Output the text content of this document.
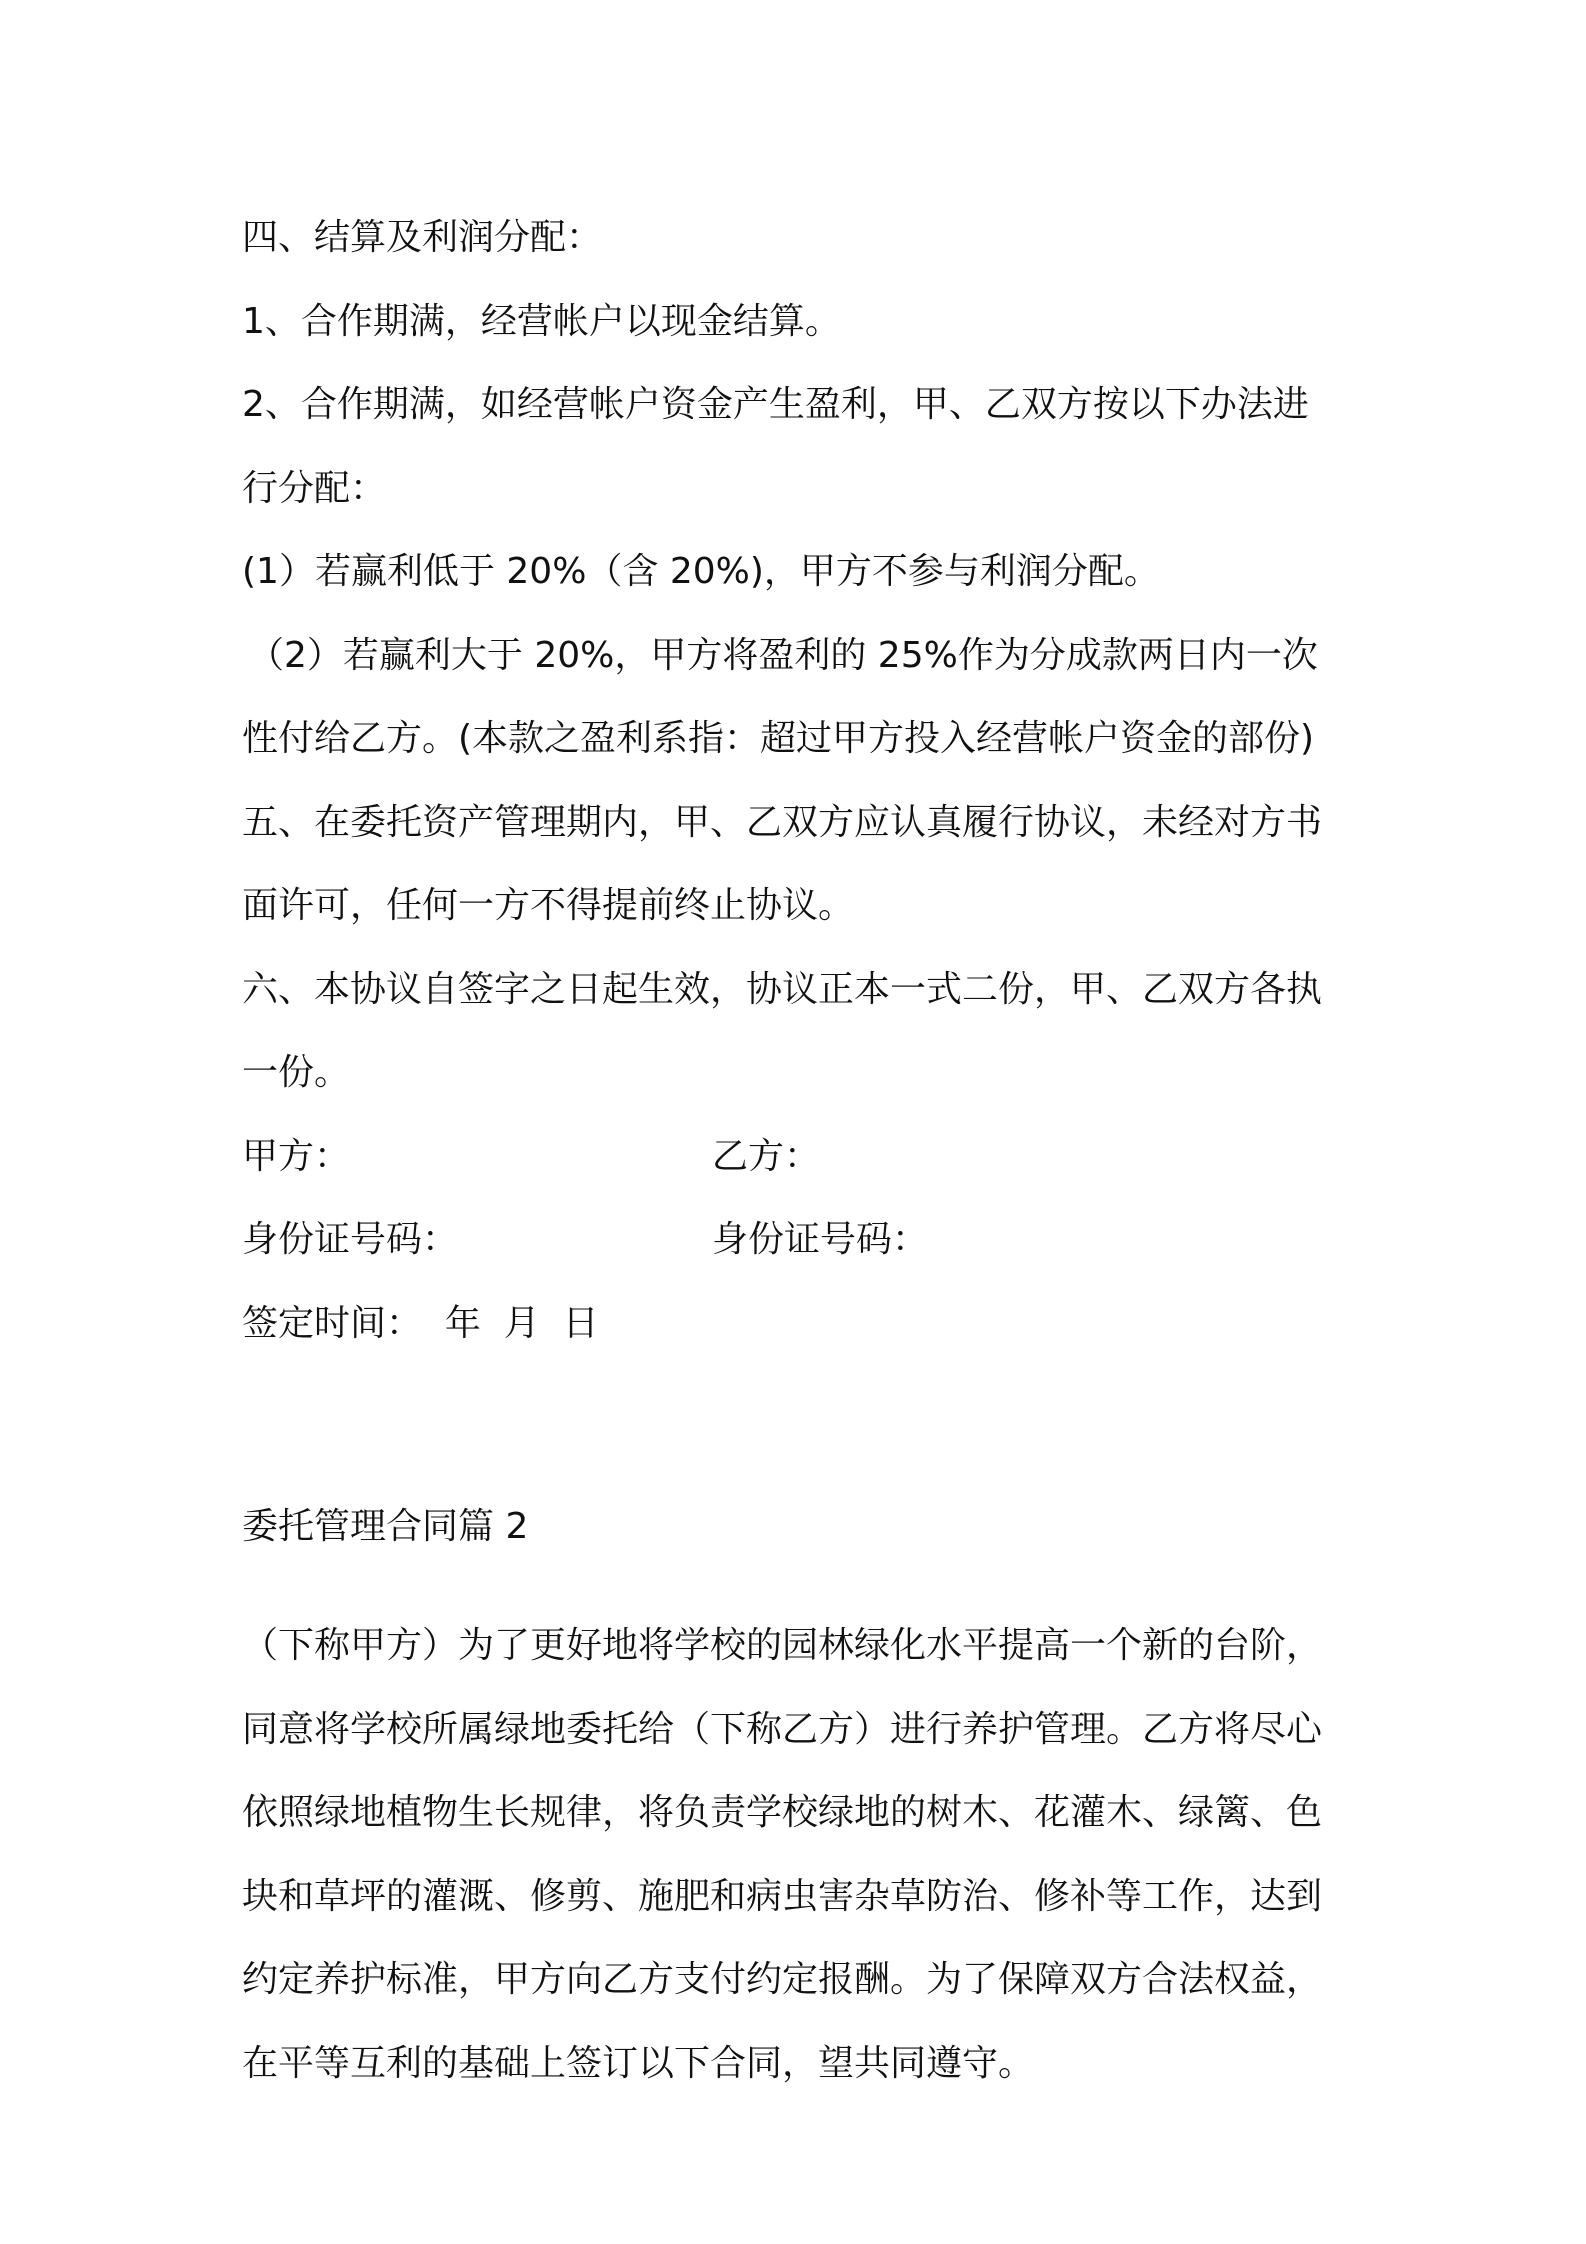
四、结算及利润分配：

1、合作期满，经营帐户以现金结算。

2、合作期满，如经营帐户资金产生盈利，甲、乙双方按以下办法进

行分配：

(1）若赢利低于 20%（含 20%)，甲方不参与利润分配。

（2）若赢利大于 20%，甲方将盈利的 25%作为分成款两日内一次

性付给乙方。(本款之盈利系指：超过甲方投入经营帐户资金的部份)

五、在委托资产管理期内，甲、乙双方应认真履行协议，未经对方书

面许可，任何一方不得提前终止协议。

六、本协议自签字之日起生效，协议正本一式二份，甲、乙双方各执

一份。

甲方：	乙方：
身份证号码：	身份证号码：

签定时间：  年  月  日

委托管理合同篇 2

（下称甲方）为了更好地将学校的园林绿化水平提高一个新的台阶，

同意将学校所属绿地委托给（下称乙方）进行养护管理。乙方将尽心

依照绿地植物生长规律，将负责学校绿地的树木、花灌木、绿篱、色

块和草坪的灌溉、修剪、施肥和病虫害杂草防治、修补等工作，达到

约定养护标准，甲方向乙方支付约定报酬。为了保障双方合法权益，

在平等互利的基础上签订以下合同，望共同遵守。
